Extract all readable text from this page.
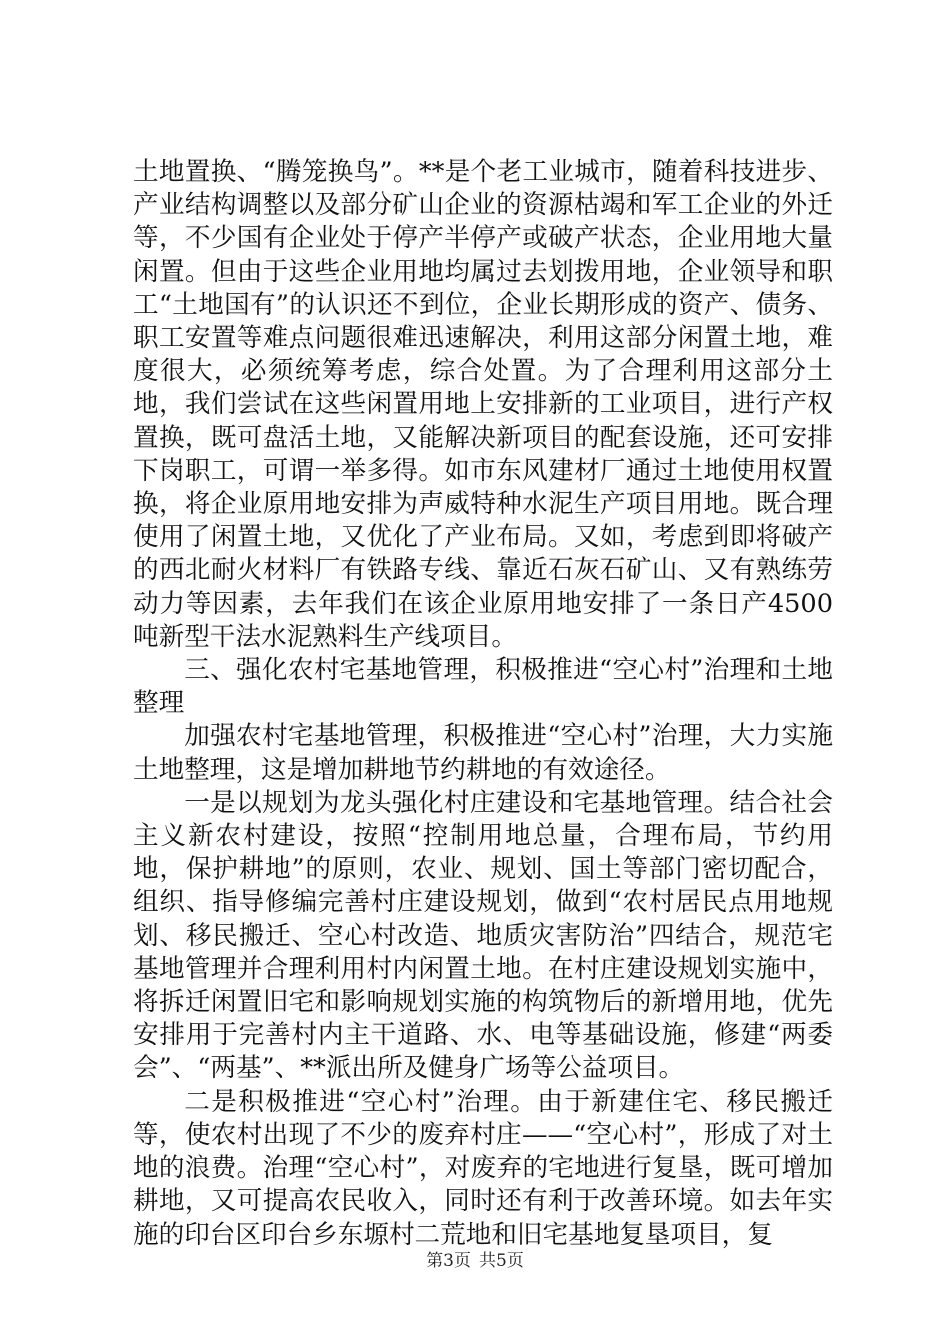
土地置换、“腾笼换鸟”。**是个老工业城市，随着科技进步、产业结构调整以及部分矿山企业的资源枯竭和军工企业的外迁等，不少国有企业处于停产半停产或破产状态，企业用地大量闲置。但由于这些企业用地均属过去划拨用地，企业领导和职工“土地国有”的认识还不到位，企业长期形成的资产、债务、职工安置等难点问题很难迅速解决，利用这部分闲置土地，难度很大，必须统筹考虑，综合处置。为了合理利用这部分土地，我们尝试在这些闲置用地上安排新的工业项目，进行产权置换，既可盘活土地，又能解决新项目的配套设施，还可安排下岗职工，可谓一举多得。如市东风建材厂通过土地使用权置换，将企业原用地安排为声威特种水泥生产项目用地。既合理使用了闲置土地，又优化了产业布局。又如，考虑到即将破产的西北耐火材料厂有铁路专线、靠近石灰石矿山、又有熟练劳动力等因素，去年我们在该企业原用地安排了一条日产4500吨新型干法水泥熟料生产线项目。

三、强化农村宅基地管理，积极推进“空心村”治理和土地整理

加强农村宅基地管理，积极推进“空心村”治理，大力实施土地整理，这是增加耕地节约耕地的有效途径。

一是以规划为龙头强化村庄建设和宅基地管理。结合社会主义新农村建设，按照“控制用地总量，合理布局，节约用地，保护耕地”的原则，农业、规划、国土等部门密切配合，组织、指导修编完善村庄建设规划，做到“农村居民点用地规划、移民搬迁、空心村改造、地质灾害防治”四结合，规范宅基地管理并合理利用村内闲置土地。在村庄建设规划实施中，将拆迁闲置旧宅和影响规划实施的构筑物后的新增用地，优先安排用于完善村内主干道路、水、电等基础设施，修建“两委会”、“两基”、**派出所及健身广场等公益项目。

二是积极推进“空心村”治理。由于新建住宅、移民搬迁等，使农村出现了不少的废弃村庄——“空心村”，形成了对土地的浪费。治理“空心村”，对废弃的宅地进行复垦，既可增加耕地，又可提高农民收入，同时还有利于改善环境。如去年实施的印台区印台乡东塬村二荒地和旧宅基地复垦项目，复

第3页 共5页
